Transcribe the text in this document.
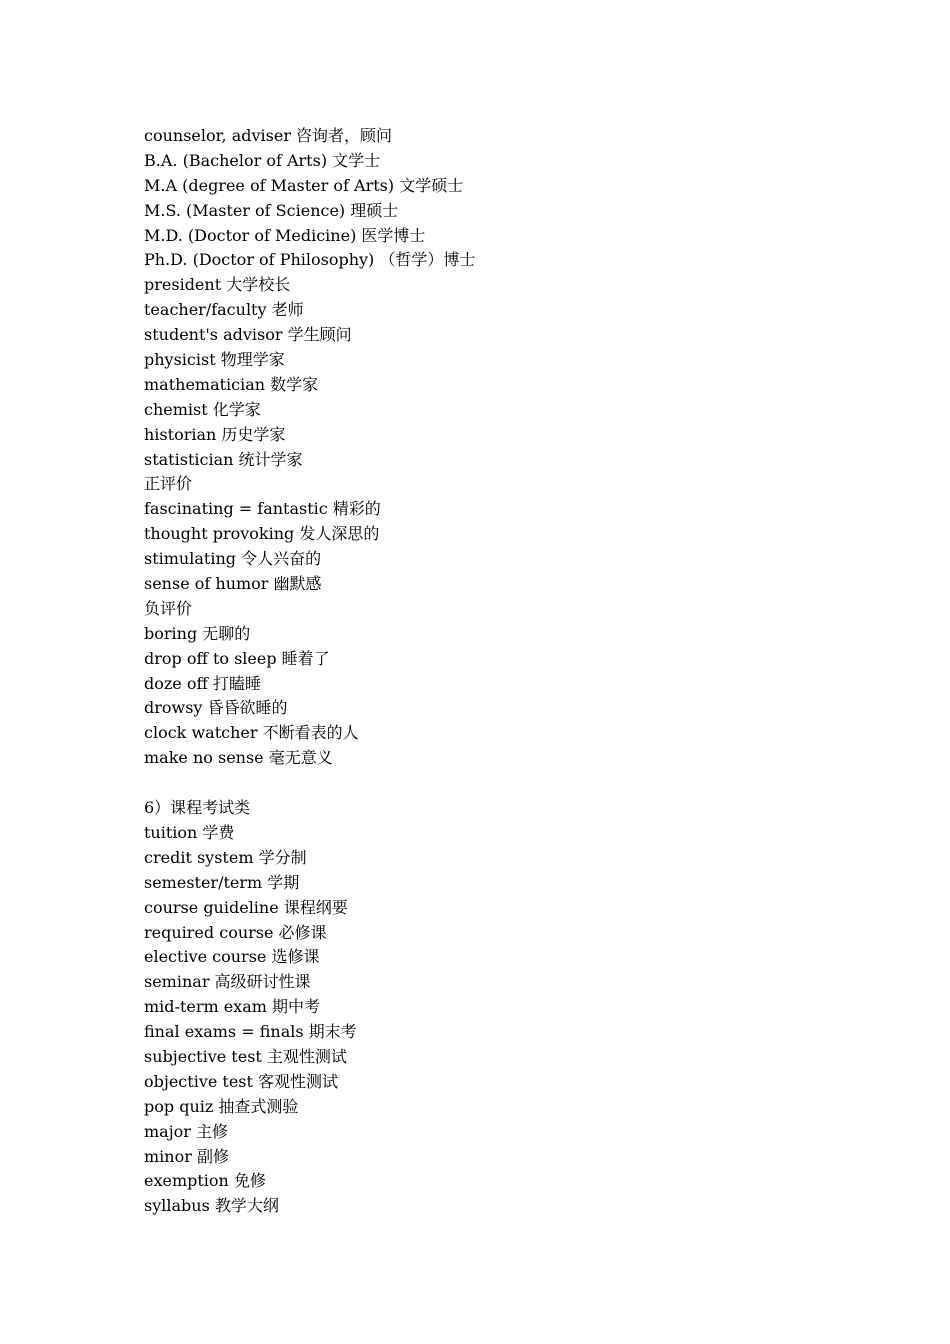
counselor, adviser 咨询者，顾问
B.A. (Bachelor of Arts) 文学士
M.A (degree of Master of Arts) 文学硕士
M.S. (Master of Science) 理硕士
M.D. (Doctor of Medicine) 医学博士
Ph.D. (Doctor of Philosophy) （哲学）博士
president 大学校长
teacher/faculty 老师
student's advisor 学生顾问
physicist 物理学家
mathematician 数学家
chemist 化学家
historian 历史学家
statistician 统计学家
正评价
fascinating = fantastic 精彩的
thought provoking 发人深思的
stimulating 令人兴奋的
sense of humor 幽默感
负评价
boring 无聊的
drop off to sleep 睡着了
doze off 打瞌睡
drowsy 昏昏欲睡的
clock watcher 不断看表的人
make no sense 毫无意义
6）课程考试类
tuition 学费
credit system 学分制
semester/term 学期
course guideline 课程纲要
required course 必修课
elective course 选修课
seminar 高级研讨性课
mid-term exam 期中考
final exams = finals 期末考
subjective test 主观性测试
objective test 客观性测试
pop quiz 抽查式测验
major 主修
minor 副修
exemption 免修
syllabus 教学大纲
